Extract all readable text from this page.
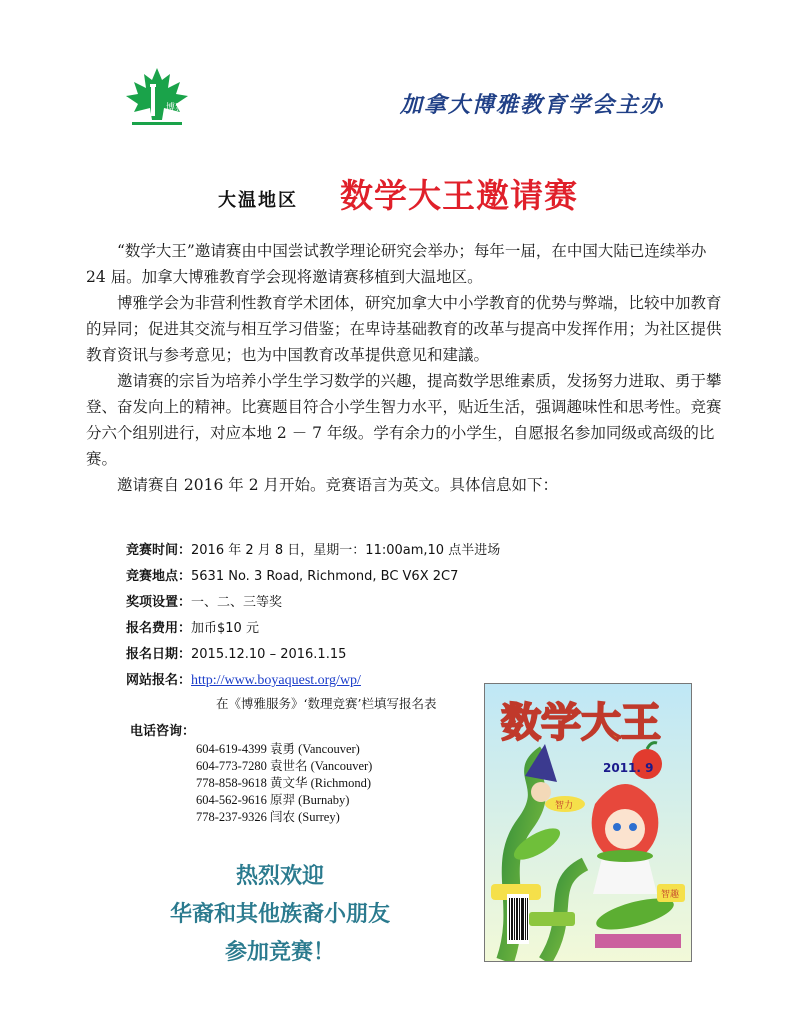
博雅	加拿大博雅教育学会主办
大温地区 数学大王邀请赛

“数学大王”邀请赛由中国尝试教学理论研究会举办；每年一届，在中国大陆已连续举办 24 届。加拿大博雅教育学会现将邀请赛移植到大温地区。

博雅学会为非营利性教育学术团体，研究加拿大中小学教育的优势与弊端，比较中加教育的异同；促进其交流与相互学习借鉴；在卑诗基础教育的改革与提高中发挥作用；为社区提供教育资讯与参考意见；也为中国教育改革提供意见和建議。

邀请赛的宗旨为培养小学生学习数学的兴趣，提高数学思维素质，发扬努力进取、勇于攀登、奋发向上的精神。比赛题目符合小学生智力水平，贴近生活，强调趣味性和思考性。竞赛分六个组别进行，对应本地 2 － 7 年级。学有余力的小学生，自愿报名参加同级或高级的比赛。

邀请赛自 2016 年 2 月开始。竞赛语言为英文。具体信息如下：

竞赛时间：2016 年 2 月 8 日，星期一：11:00am,10 点半进场
竞赛地点：5631 No. 3 Road, Richmond, BC V6X 2C7
奖项设置：一、二、三等奖
报名费用：加币$10 元
报名日期：2015.12.10 – 2016.1.15
网站报名：http://www.boyaquest.org/wp/
在《博雅服务》‘数理竞赛’栏填写报名表
电话咨询：
604-619-4399 袁勇 (Vancouver)
604-773-7280 袁世名 (Vancouver)
778-858-9618 黄文华 (Richmond)
604-562-9616 原羿 (Burnaby)
778-237-9326 闫农 (Surrey)
热烈欢迎
华裔和其他族裔小朋友
参加竞赛！
数学大王
2011. 9
智力
智趣
